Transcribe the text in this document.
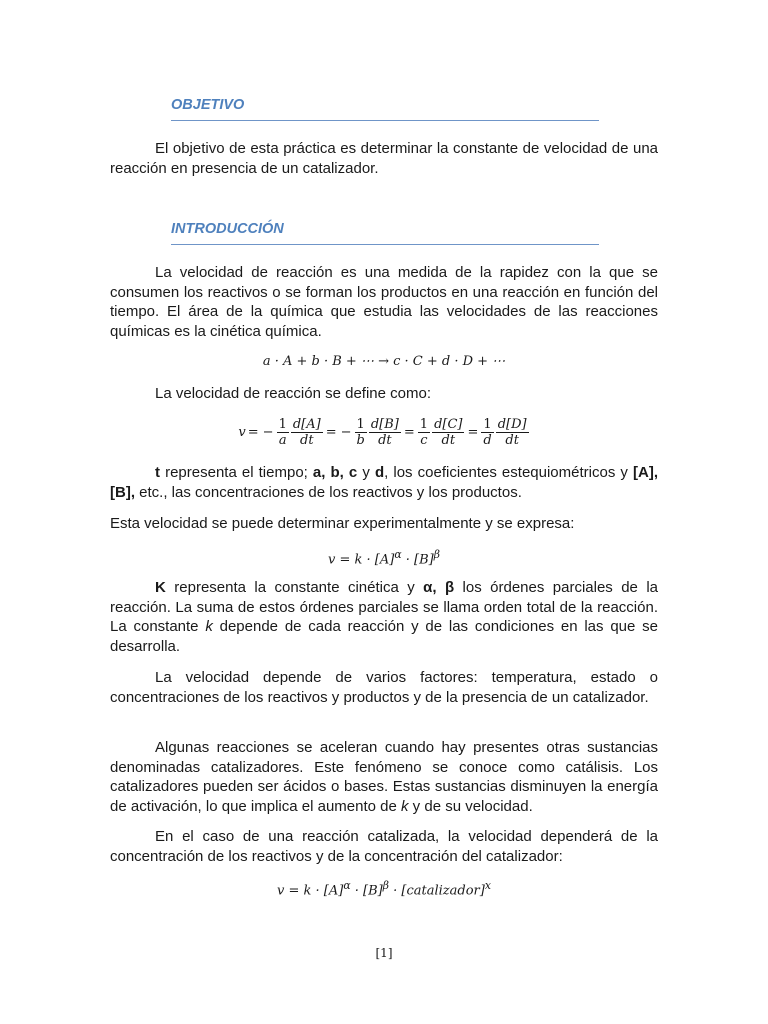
OBJETIVO

El objetivo de esta práctica es determinar la constante de velocidad de una reacción en presencia de un catalizador.

INTRODUCCIÓN

La velocidad de reacción es una medida de la rapidez con la que se consumen los reactivos o se forman los productos en una reacción en función del tiempo. El área de la química que estudia las velocidades de las reacciones químicas es la cinética química.

a · A + b · B + ⋯ → c · C + d · D + ⋯

La velocidad de reacción se define como:

v = − $\frac{1}{a} \frac{d[A]}{dt}$ = − $\frac{1}{b} \frac{d[B]}{dt} = \frac{1}{c} \frac{d[C]}{dt} = \frac{1}{d} \frac{d[D]}{dt}$

t representa el tiempo; a, b, c y d, los coeficientes estequiométricos y [A], [B], etc., las concentraciones de los reactivos y los productos.

Esta velocidad se puede determinar experimentalmente y se expresa:

$v = k \cdot [A]^\alpha \cdot [B]^\beta$

K representa la constante cinética y α, β los órdenes parciales de la reacción. La suma de estos órdenes parciales se llama orden total de la reacción. La constante k depende de cada reacción y de las condiciones en las que se desarrolla.

La velocidad depende de varios factores: temperatura, estado o concentraciones de los reactivos y productos y de la presencia de un catalizador.

Algunas reacciones se aceleran cuando hay presentes otras sustancias denominadas catalizadores. Este fenómeno se conoce como catálisis. Los catalizadores pueden ser ácidos o bases. Estas sustancias disminuyen la energía de activación, lo que implica el aumento de k y de su velocidad.

En el caso de una reacción catalizada, la velocidad dependerá de la concentración de los reactivos y de la concentración del catalizador:

$v = k \cdot [A]^\alpha \cdot [B]^\beta$ · [catalizador]$^x$
[1]
